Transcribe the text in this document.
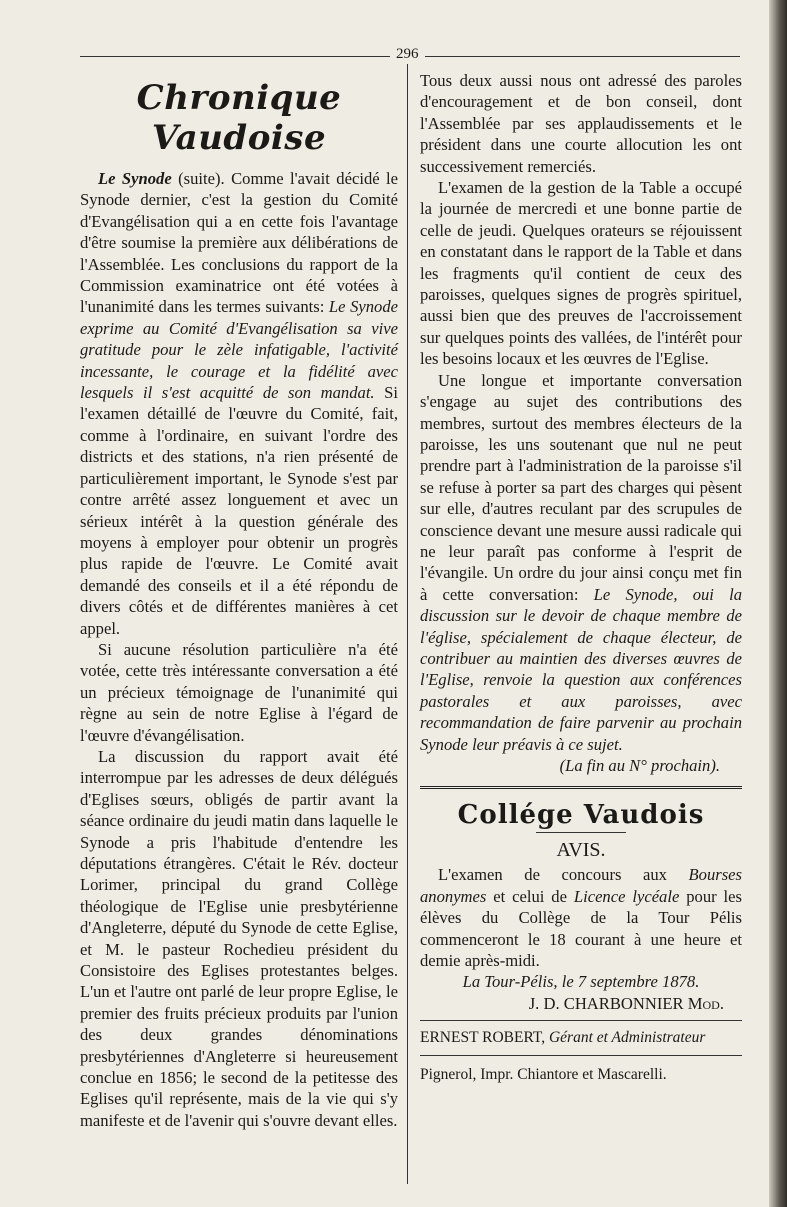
296
Chronique Vaudoise

Le Synode (suite). Comme l'avait décidé le Synode dernier, c'est la gestion du Comité d'Evangélisation qui a en cette fois l'avantage d'être soumise la première aux délibérations de l'Assemblée. Les conclusions du rapport de la Commission examinatrice ont été votées à l'unanimité dans les termes suivants: Le Synode exprime au Comité d'Evangélisation sa vive gratitude pour le zèle infatigable, l'activité incessante, le courage et la fidélité avec lesquels il s'est acquitté de son mandat. Si l'examen détaillé de l'œuvre du Comité, fait, comme à l'ordinaire, en suivant l'ordre des districts et des stations, n'a rien présenté de particulièrement important, le Synode s'est par contre arrêté assez longuement et avec un sérieux intérêt à la question générale des moyens à employer pour obtenir un progrès plus rapide de l'œuvre. Le Comité avait demandé des conseils et il a été répondu de divers côtés et de différentes manières à cet appel.

Si aucune résolution particulière n'a été votée, cette très intéressante conversation a été un précieux témoignage de l'unanimité qui règne au sein de notre Eglise à l'égard de l'œuvre d'évangélisation.

La discussion du rapport avait été interrompue par les adresses de deux délégués d'Eglises sœurs, obligés de partir avant la séance ordinaire du jeudi matin dans laquelle le Synode a pris l'habitude d'entendre les députations étrangères. C'était le Rév. docteur Lorimer, principal du grand Collège théologique de l'Eglise unie presbytérienne d'Angleterre, député du Synode de cette Eglise, et M. le pasteur Rochedieu président du Consistoire des Eglises protestantes belges. L'un et l'autre ont parlé de leur propre Eglise, le premier des fruits précieux produits par l'union des deux grandes dénominations presbytériennes d'Angleterre si heureusement conclue en 1856; le second de la petitesse des Eglises qu'il représente, mais de la vie qui s'y manifeste et de l'avenir qui s'ouvre devant elles.

Tous deux aussi nous ont adressé des paroles d'encouragement et de bon conseil, dont l'Assemblée par ses applaudissements et le président dans une courte allocution les ont successivement remerciés.

L'examen de la gestion de la Table a occupé la journée de mercredi et une bonne partie de celle de jeudi. Quelques orateurs se réjouissent en constatant dans le rapport de la Table et dans les fragments qu'il contient de ceux des paroisses, quelques signes de progrès spirituel, aussi bien que des preuves de l'accroissement sur quelques points des vallées, de l'intérêt pour les besoins locaux et les œuvres de l'Eglise.

Une longue et importante conversation s'engage au sujet des contributions des membres, surtout des membres électeurs de la paroisse, les uns soutenant que nul ne peut prendre part à l'administration de la paroisse s'il se refuse à porter sa part des charges qui pèsent sur elle, d'autres reculant par des scrupules de conscience devant une mesure aussi radicale qui ne leur paraît pas conforme à l'esprit de l'évangile. Un ordre du jour ainsi conçu met fin à cette conversation: Le Synode, oui la discussion sur le devoir de chaque membre de l'église, spécialement de chaque électeur, de contribuer au maintien des diverses œuvres de l'Eglise, renvoie la question aux conférences pastorales et aux paroisses, avec recommandation de faire parvenir au prochain Synode leur préavis à ce sujet.

(La fin au N° prochain).

Collége Vaudois
AVIS.

L'examen de concours aux Bourses anonymes et celui de Licence lycéale pour les élèves du Collège de la Tour Pélis commenceront le 18 courant à une heure et demie après-midi.

La Tour-Pélis, le 7 septembre 1878.

J. D. CHARBONNIER Mod.

ERNEST ROBERT, Gérant et Administrateur
Pignerol, Impr. Chiantore et Mascarelli.
